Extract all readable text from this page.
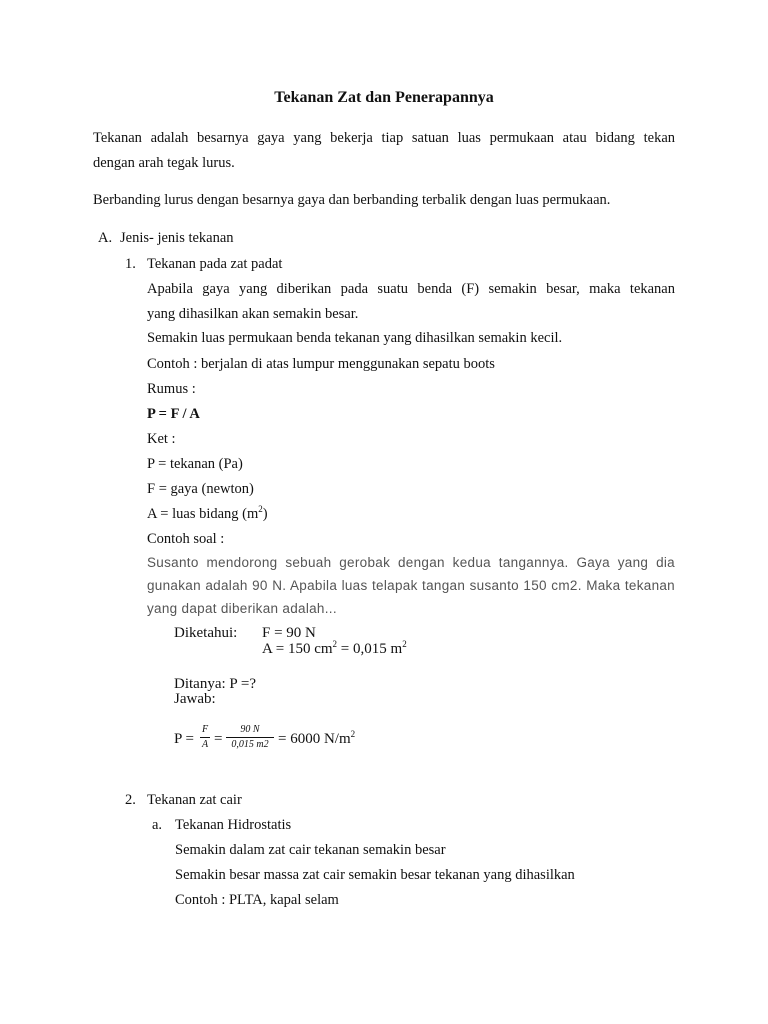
Tekanan Zat dan Penerapannya
Tekanan adalah besarnya gaya yang bekerja tiap satuan luas permukaan atau bidang tekan
dengan arah tegak lurus.
Berbanding lurus dengan besarnya gaya dan berbanding terbalik dengan luas permukaan.
A. Jenis- jenis tekanan
1. Tekanan pada zat padat
Apabila gaya yang diberikan pada suatu benda (F) semakin besar, maka tekanan
yang dihasilkan akan semakin besar.
Semakin luas permukaan benda tekanan yang dihasilkan semakin kecil.
Contoh : berjalan di atas lumpur menggunakan sepatu boots
Rumus :
P = F / A
Ket :
P = tekanan (Pa)
F = gaya (newton)
A = luas bidang $(m^2)$
Contoh soal :
Susanto mendorong sebuah gerobak dengan kedua tangannya. Gaya yang dia
gunakan adalah 90 N. Apabila luas telapak tangan susanto 150 cm2. Maka tekanan
yang dapat diberikan adalah...
Diketahui: F = 90 N
A = 150 $cm^2 = 0,015$ $m^2$
Ditanya: P =?
Jawab:
P =
F
A =
90 N
0,015 m2 = 6000 $N/m^2$
2. Tekanan zat cair
a. Tekanan Hidrostatis
Semakin dalam zat cair tekanan semakin besar
Semakin besar massa zat cair semakin besar tekanan yang dihasilkan
Contoh : PLTA, kapal selam
